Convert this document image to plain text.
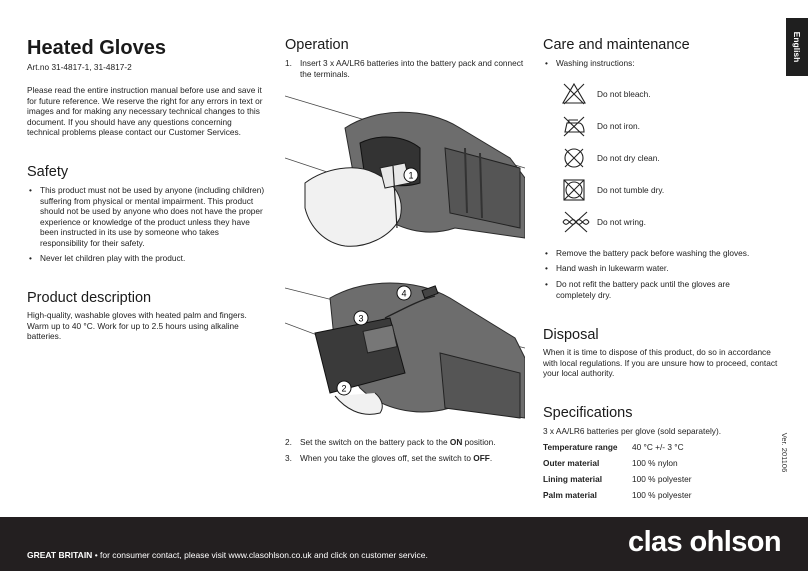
English
Heated Gloves
Art.no 31-4817-1, 31-4817-2
Please read the entire instruction manual before use and save it for future reference. We reserve the right for any errors in text or images and for making any necessary technical changes to this document. If you should have any questions concerning technical problems please contact our Customer Services.
Safety
• This product must not be used by anyone (including children) suffering from physical or mental impairment. This product should not be used by anyone who does not have the proper experience or knowledge of the product unless they have been instructed in its use by someone who takes responsibility for their safety.
• Never let children play with the product.
Product description
High-quality, washable gloves with heated palm and fingers. Warm up to 40 °C. Work for up to 2.5 hours using alkaline batteries.
Operation
1. Insert 3 x AA/LR6 batteries into the battery pack and connect the terminals.
1
4
3
2
2. Set the switch on the battery pack to the ON position.
3. When you take the gloves off, set the switch to OFF.
Care and maintenance
• Washing instructions:
Do not bleach.
Do not iron.
Do not dry clean.
Do not tumble dry.
Do not wring.
• Remove the battery pack before washing the gloves.
• Hand wash in lukewarm water.
• Do not refit the battery pack until the gloves are completely dry.
Disposal
When it is time to dispose of this product, do so in accordance with local regulations. If you are unsure how to proceed, contact your local authority.
Specifications
3 x AA/LR6 batteries per glove (sold separately).
Temperature range	40 °C +/- 3 °C
Outer material	100 % nylon
Lining material	100 % polyester
Palm material	100 % polyester
Ver. 201106
GREAT BRITAIN • for consumer contact, please visit www.clasohlson.co.uk and click on customer service.	clas ohlson
